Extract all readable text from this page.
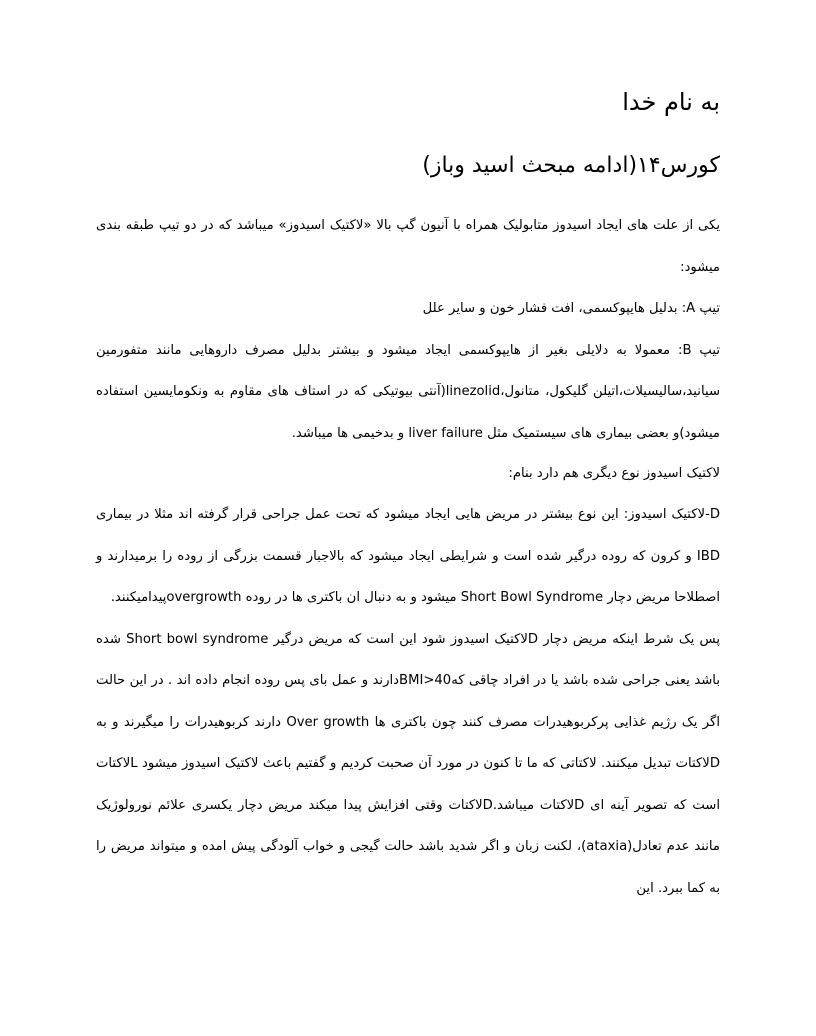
به نام خدا
کورس۱۴(ادامه مبحث اسید وباز)

یکی از علت های ایجاد اسیدوز متابولیک همراه با آنیون گپ بالا «لاکتیک اسیدوز» میباشد که در دو تیپ طبقه بندی میشود:

تیپ A: بدلیل هایپوکسمی، افت فشار خون و سایر علل

تیپ B: معمولا به دلایلی بغیر از هایپوکسمی ایجاد میشود و بیشتر بدلیل مصرف داروهایی مانند متفورمین سیانید،سالیسیلات،اتیلن گلیکول، متانول،linezolid(آنتی بیوتیکی که در استاف های مقاوم به ونکومایسین استفاده میشود)و بعضی بیماری های سیستمیک مثل liver failure و بدخیمی ها میباشد.

لاکتیک اسیدوز نوع دیگری هم دارد بنام:

D-لاکتیک اسیدوز: این نوع بیشتر در مریض هایی ایجاد میشود که تحت عمل جراحی قرار گرفته اند مثلا در بیماری IBD و کرون که روده درگیر شده است و شرایطی ایجاد میشود که بالاجبار قسمت بزرگی از روده را برمیدارند و اصطلاحا مریض دچار Short Bowl Syndrome میشود و به دنبال ان باکتری ها در روده overgrowthپیدامیکنند.

پس یک شرط اینکه مریض دچار Dلاکتیک اسیدوز شود این است که مریض درگیر Short bowl syndrome شده باشد یعنی جراحی شده باشد یا در افراد چاقی که40<BMIدارند و عمل بای پس روده انجام داده اند . در این حالت اگر یک رژیم غذایی پرکربوهیدرات مصرف کنند چون باکتری ها Over growth دارند کربوهیدرات را میگیرند و به Dلاکتات تبدیل میکنند. لاکتاتی که ما تا کنون در مورد آن صحبت کردیم و گفتیم باعث لاکتیک اسیدوز میشود Lلاکتات است که تصویر آینه ای Dلاکتات میباشد.Dلاکتات وقتی افزایش پیدا میکند مریض دچار یکسری علائم نورولوژیک مانند عدم تعادل(ataxia)، لکنت زبان و اگر شدید باشد حالت گیجی و خواب آلودگی پیش امده و میتواند مریض را به کما ببرد. این
